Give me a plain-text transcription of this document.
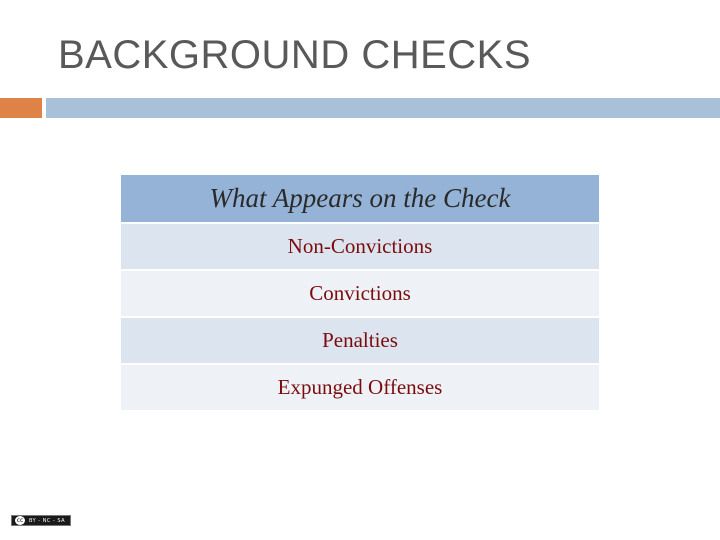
BACKGROUND CHECKS
What Appears on the Check
Non-Convictions
Convictions
Penalties
Expunged Offenses
cc	BY - NC - SA
